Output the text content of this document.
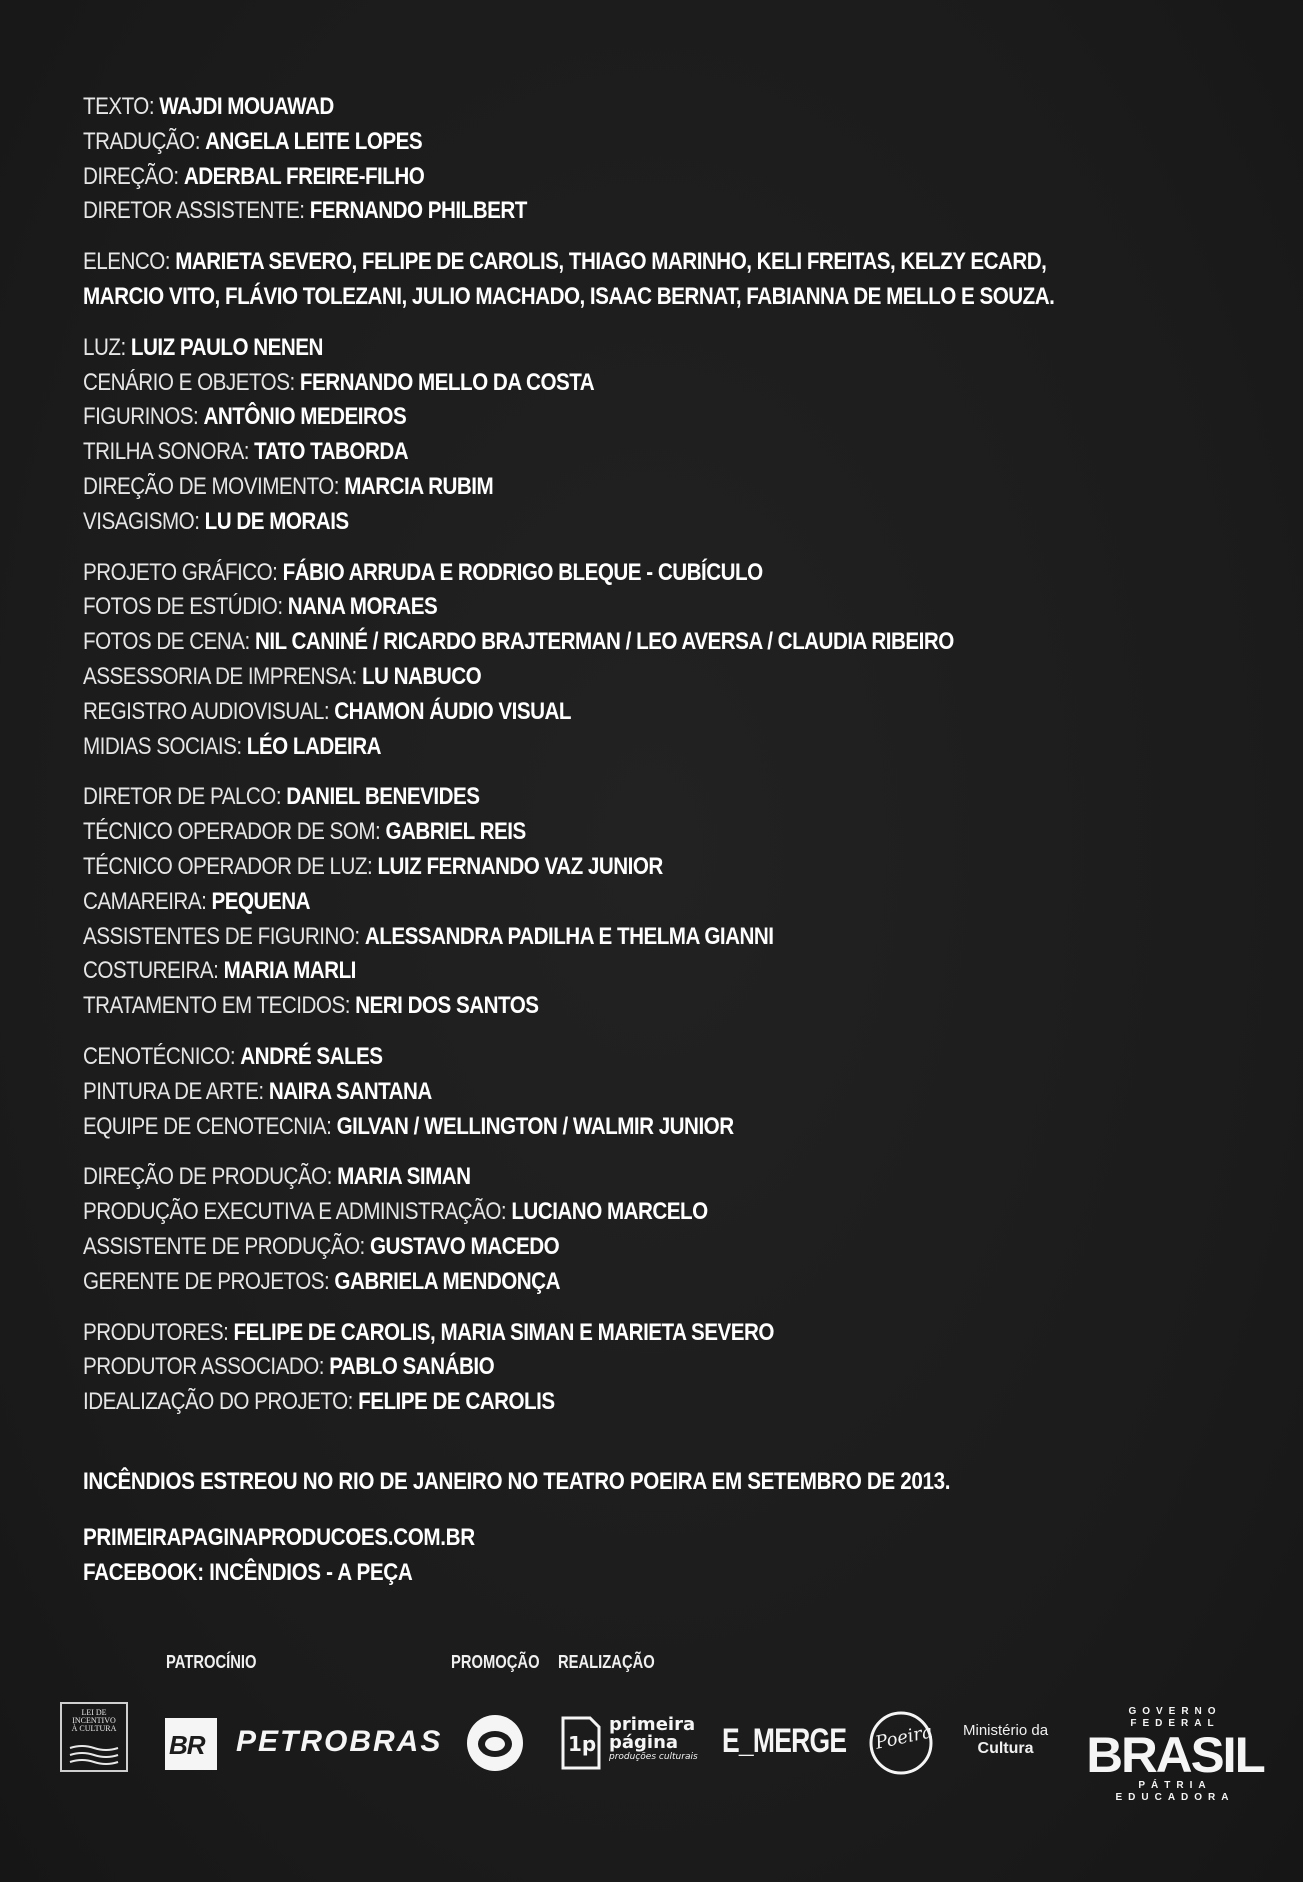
TEXTO: WAJDI MOUAWAD
TRADUÇÃO: ANGELA LEITE LOPES
DIREÇÃO: ADERBAL FREIRE-FILHO
DIRETOR ASSISTENTE: FERNANDO PHILBERT
ELENCO: MARIETA SEVERO, FELIPE DE CAROLIS, THIAGO MARINHO, KELI FREITAS, KELZY ECARD,
MARCIO VITO, FLÁVIO TOLEZANI, JULIO MACHADO, ISAAC BERNAT, FABIANNA DE MELLO E SOUZA.
LUZ: LUIZ PAULO NENEN
CENÁRIO E OBJETOS: FERNANDO MELLO DA COSTA
FIGURINOS: ANTÔNIO MEDEIROS
TRILHA SONORA: TATO TABORDA
DIREÇÃO DE MOVIMENTO: MARCIA RUBIM
VISAGISMO: LU DE MORAIS
PROJETO GRÁFICO: FÁBIO ARRUDA E RODRIGO BLEQUE - CUBÍCULO
FOTOS DE ESTÚDIO: NANA MORAES
FOTOS DE CENA: NIL CANINÉ / RICARDO BRAJTERMAN / LEO AVERSA / CLAUDIA RIBEIRO
ASSESSORIA DE IMPRENSA: LU NABUCO
REGISTRO AUDIOVISUAL: CHAMON ÁUDIO VISUAL
MIDIAS SOCIAIS: LÉO LADEIRA
DIRETOR DE PALCO: DANIEL BENEVIDES
TÉCNICO OPERADOR DE SOM: GABRIEL REIS
TÉCNICO OPERADOR DE LUZ: LUIZ FERNANDO VAZ JUNIOR
CAMAREIRA: PEQUENA
ASSISTENTES DE FIGURINO: ALESSANDRA PADILHA E THELMA GIANNI
COSTUREIRA: MARIA MARLI
TRATAMENTO EM TECIDOS: NERI DOS SANTOS
CENOTÉCNICO: ANDRÉ SALES
PINTURA DE ARTE: NAIRA SANTANA
EQUIPE DE CENOTECNIA: GILVAN / WELLINGTON / WALMIR JUNIOR
DIREÇÃO DE PRODUÇÃO: MARIA SIMAN
PRODUÇÃO EXECUTIVA E ADMINISTRAÇÃO: LUCIANO MARCELO
ASSISTENTE DE PRODUÇÃO: GUSTAVO MACEDO
GERENTE DE PROJETOS: GABRIELA MENDONÇA
PRODUTORES: FELIPE DE CAROLIS, MARIA SIMAN E MARIETA SEVERO
PRODUTOR ASSOCIADO: PABLO SANÁBIO
IDEALIZAÇÃO DO PROJETO: FELIPE DE CAROLIS
INCÊNDIOS ESTREOU NO RIO DE JANEIRO NO TEATRO POEIRA EM SETEMBRO DE 2013.
PRIMEIRAPAGINAPRODUCOES.COM.BR
FACEBOOK: INCÊNDIOS - A PEÇA
PATROCÍNIO	PROMOÇÃO REALIZAÇÃO
LEI DE
INCENTIVO
À CULTURA
BR PETROBRAS	1p
primeira
página
produções culturais E_MERGE Poeira Ministério da
Cultura
GOVERNO FEDERAL
BRASIL
PÁTRIA EDUCADORA
